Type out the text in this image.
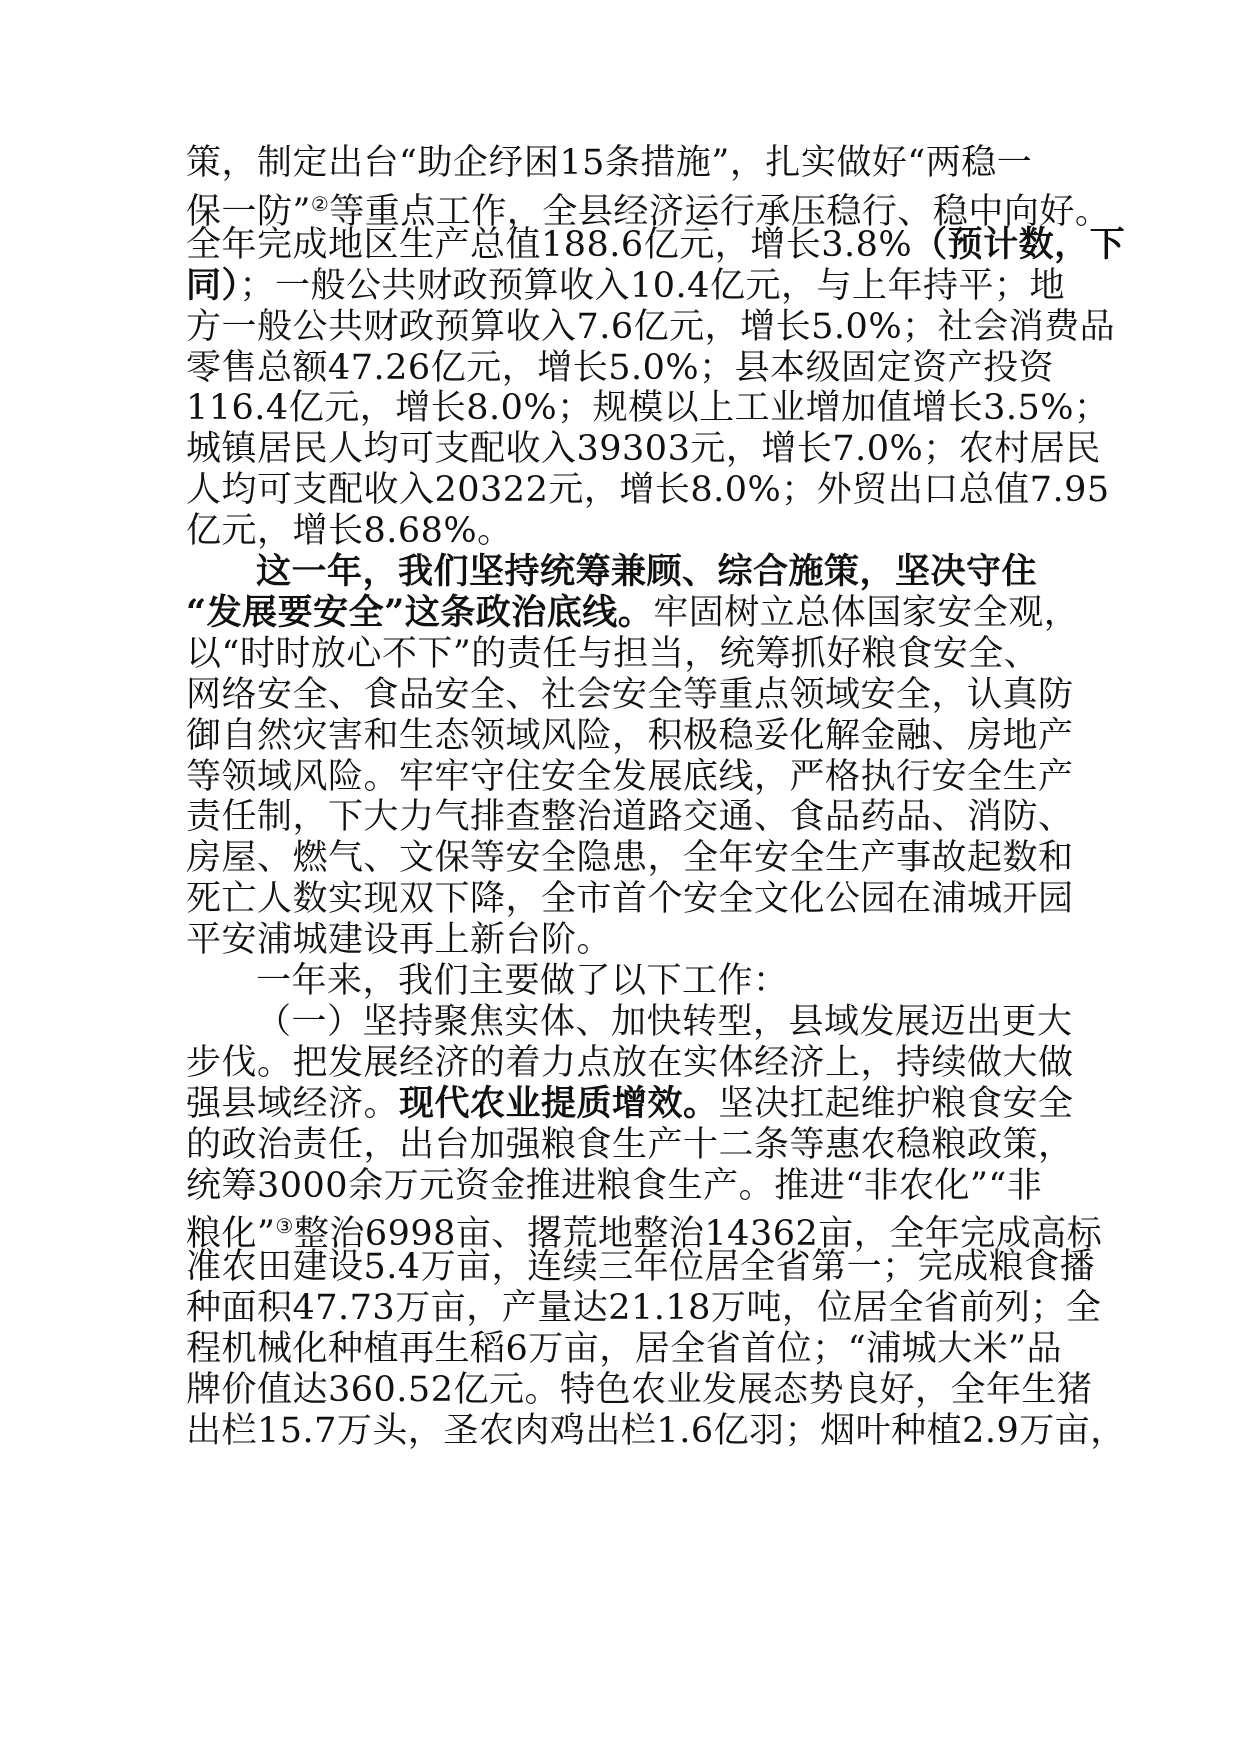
策，制定出台“助企纾困15条措施”，扎实做好“两稳一
保一防”②等重点工作，全县经济运行承压稳行、稳中向好。
全年完成地区生产总值188.6亿元，增长3.8%（预计数，下
同）；一般公共财政预算收入10.4亿元，与上年持平；地
方一般公共财政预算收入7.6亿元，增长5.0%；社会消费品
零售总额47.26亿元，增长5.0%；县本级固定资产投资
116.4亿元，增长8.0%；规模以上工业增加值增长3.5%；
城镇居民人均可支配收入39303元，增长7.0%；农村居民
人均可支配收入20322元，增长8.0%；外贸出口总值7.95
亿元，增长8.68%。
这一年，我们坚持统筹兼顾、综合施策，坚决守住
“发展要安全”这条政治底线。牢固树立总体国家安全观，
以“时时放心不下”的责任与担当，统筹抓好粮食安全、
网络安全、食品安全、社会安全等重点领域安全，认真防
御自然灾害和生态领域风险，积极稳妥化解金融、房地产
等领域风险。牢牢守住安全发展底线，严格执行安全生产
责任制，下大力气排查整治道路交通、食品药品、消防、
房屋、燃气、文保等安全隐患，全年安全生产事故起数和
死亡人数实现双下降，全市首个安全文化公园在浦城开园
平安浦城建设再上新台阶。
一年来，我们主要做了以下工作：
（一）坚持聚焦实体、加快转型，县域发展迈出更大
步伐。把发展经济的着力点放在实体经济上，持续做大做
强县域经济。现代农业提质增效。坚决扛起维护粮食安全
的政治责任，出台加强粮食生产十二条等惠农稳粮政策，
统筹3000余万元资金推进粮食生产。推进“非农化”“非
粮化”③整治6998亩、撂荒地整治14362亩，全年完成高标
准农田建设5.4万亩，连续三年位居全省第一；完成粮食播
种面积47.73万亩，产量达21.18万吨，位居全省前列；全
程机械化种植再生稻6万亩，居全省首位；“浦城大米”品
牌价值达360.52亿元。特色农业发展态势良好，全年生猪
出栏15.7万头，圣农肉鸡出栏1.6亿羽；烟叶种植2.9万亩，
